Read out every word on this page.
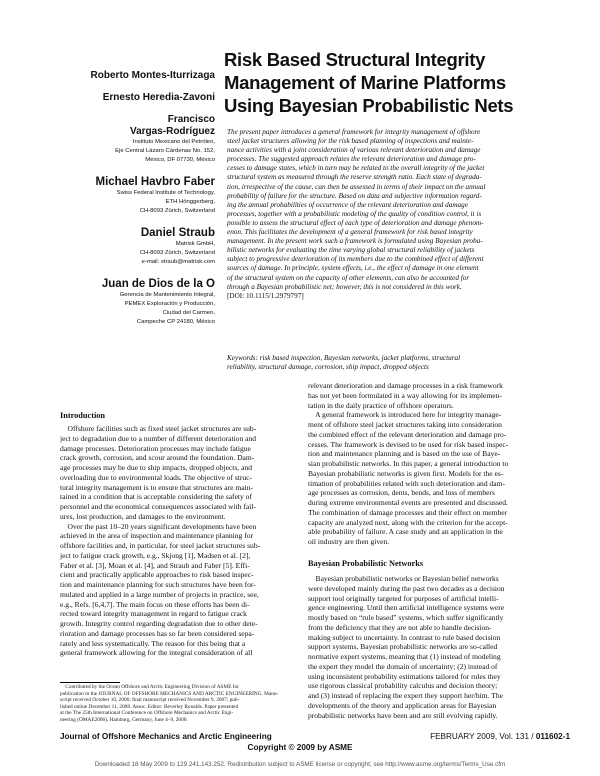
Risk Based Structural Integrity
Management of Marine Platforms
Using Bayesian Probabilistic Nets
Roberto Montes-Iturrizaga
Ernesto Heredia-Zavoni
Francisco
Vargas-Rodríguez
Instituto Mexicano del Petróleo,
Eje Central Lázaro Cárdenas No. 152,
México, DF 07730, México
Michael Havbro Faber
Swiss Federal Institute of Technology,
ETH Hönggerberg,
CH-8093 Zürich, Switzerland
Daniel Straub
Matrisk GmbH,
CH-8093 Zürich, Switzerland
e-mail: straub@matrisk.com
Juan de Dios de la O
Gerencia de Mantenimiento Integral,
PEMEX Exploración y Producción,
Ciudad del Carmen,
Campeche CP 24180, México
The present paper introduces a general framework for integrity management of offshore
steel jacket structures allowing for the risk based planning of inspections and mainte-
nance activities with a joint consideration of various relevant deterioration and damage
processes. The suggested approach relates the relevant deterioration and damage pro-
cesses to damage states, which in turn may be related to the overall integrity of the jacket
structural system as measured through the reserve strength ratio. Each state of degrada-
tion, irrespective of the cause, can then be assessed in terms of their impact on the annual
probability of failure for the structure. Based on data and subjective information regard-
ing the annual probabilities of occurrence of the relevant deterioration and damage
processes, together with a probabilistic modeling of the quality of condition control, it is
possible to assess the structural effect of each type of deterioration and damage phenom-
enon. This facilitates the development of a general framework for risk based integrity
management. In the present work such a framework is formulated using Bayesian proba-
bilistic networks for evaluating the time varying global structural reliability of jackets
subject to progressive deterioration of its members due to the combined effect of different
sources of damage. In principle, system effects, i.e., the effect of damage in one element
of the structural system on the capacity of other elements, can also be accounted for
through a Bayesian probabilistic net; however, this is not considered in this work.
[DOI: 10.1115/1.2979797]
Keywords: risk based inspection, Bayesian networks, jacket platforms, structural
reliability, structural damage, corrosion, ship impact, dropped objects
Introduction
Offshore facilities such as fixed steel jacket structures are sub-
ject to degradation due to a number of different deterioration and
damage processes. Deterioration processes may include fatigue
crack growth, corrosion, and scour around the foundation. Dam-
age processes may be due to ship impacts, dropped objects, and
overloading due to environmental loads. The objective of struc-
tural integrity management is to ensure that structures are main-
tained in a condition that is acceptable considering the safety of
personnel and the economical consequences associated with fail-
ures, lost production, and damages to the environment.
Over the past 10–20 years significant developments have been
achieved in the area of inspection and maintenance planning for
offshore facilities and, in particular, for steel jacket structures sub-
ject to fatigue crack growth, e.g., Skjong [1], Madsen et al. [2],
Faber et al. [3], Moan et al. [4], and Straub and Faber [5]. Effi-
cient and practically applicable approaches to risk based inspec-
tion and maintenance planning for such structures have been for-
mulated and applied in a large number of projects in practice, see,
e.g., Refs. [6,4,7]. The main focus on these efforts has been di-
rected toward integrity management in regard to fatigue crack
growth. Integrity control regarding degradation due to other dete-
rioration and damage processes has so far been considered sepa-
rately and less systematically. The reason for this being that a
general framework allowing for the integral consideration of all
relevant deterioration and damage processes in a risk framework
has not yet been formulated in a way allowing for its implemen-
tation in the daily practice of offshore operators.
A general framework is introduced here for integrity manage-
ment of offshore steel jacket structures taking into consideration
the combined effect of the relevant deterioration and damage pro-
cesses. The framework is devised to be used for risk based inspec-
tion and maintenance planning and is based on the use of Baye-
sian probabilistic networks. In this paper, a general introduction to
Bayesian probabilistic networks is given first. Models for the es-
timation of probabilities related with such deterioration and dam-
age processes as corrosion, dents, bends, and loss of members
during extreme environmental events are presented and discussed.
The combination of damage processes and their effect on member
capacity are analyzed next, along with the criterion for the accept-
able probability of failure. A case study and an application in the
oil industry are then given.
Bayesian Probabilistic Networks
Bayesian probabilistic networks or Bayesian belief networks
were developed mainly during the past two decades as a decision
support tool originally targeted for purposes of artificial intelli-
gence engineering. Until then artificial intelligence systems were
mostly based on “rule based” systems, which suffer significantly
from the deficiency that they are not able to handle decision-
making subject to uncertainty. In contrast to rule based decision
support systems, Bayesian probabilistic networks are so-called
normative expert systems, meaning that (1) instead of modeling
the expert they model the domain of uncertainty; (2) instead of
using inconsistent probability estimations tailored for rules they
use rigorous classical probability calculus and decision theory;
and (3) instead of replacing the expert they support her/him. The
developments of the theory and application areas for Bayesian
probabilistic networks have been and are still evolving rapidly.
Contributed by the Ocean Offshore and Arctic Engineering Division of ASME for
publication in the JOURNAL OF OFFSHORE MECHANICS AND ARCTIC ENGINEERING. Manu-
script received October 10, 2006; final manuscript received November 9, 2007; pub-
lished online December 11, 2008. Assoc. Editor: Beverley Ronalds. Paper presented
at the The 25th International Conference on Offshore Mechanics and Arctic Engi-
neering (OMAE2006), Hamburg, Germany, June 4–9, 2006.
Journal of Offshore Mechanics and Arctic Engineering	FEBRUARY 2009, Vol. 131 / 011602-1
Copyright © 2009 by ASME
Downloaded 18 May 2009 to 129.241.143.252. Redistribution subject to ASME license or copyright; see http://www.asme.org/terms/Terms_Use.cfm
